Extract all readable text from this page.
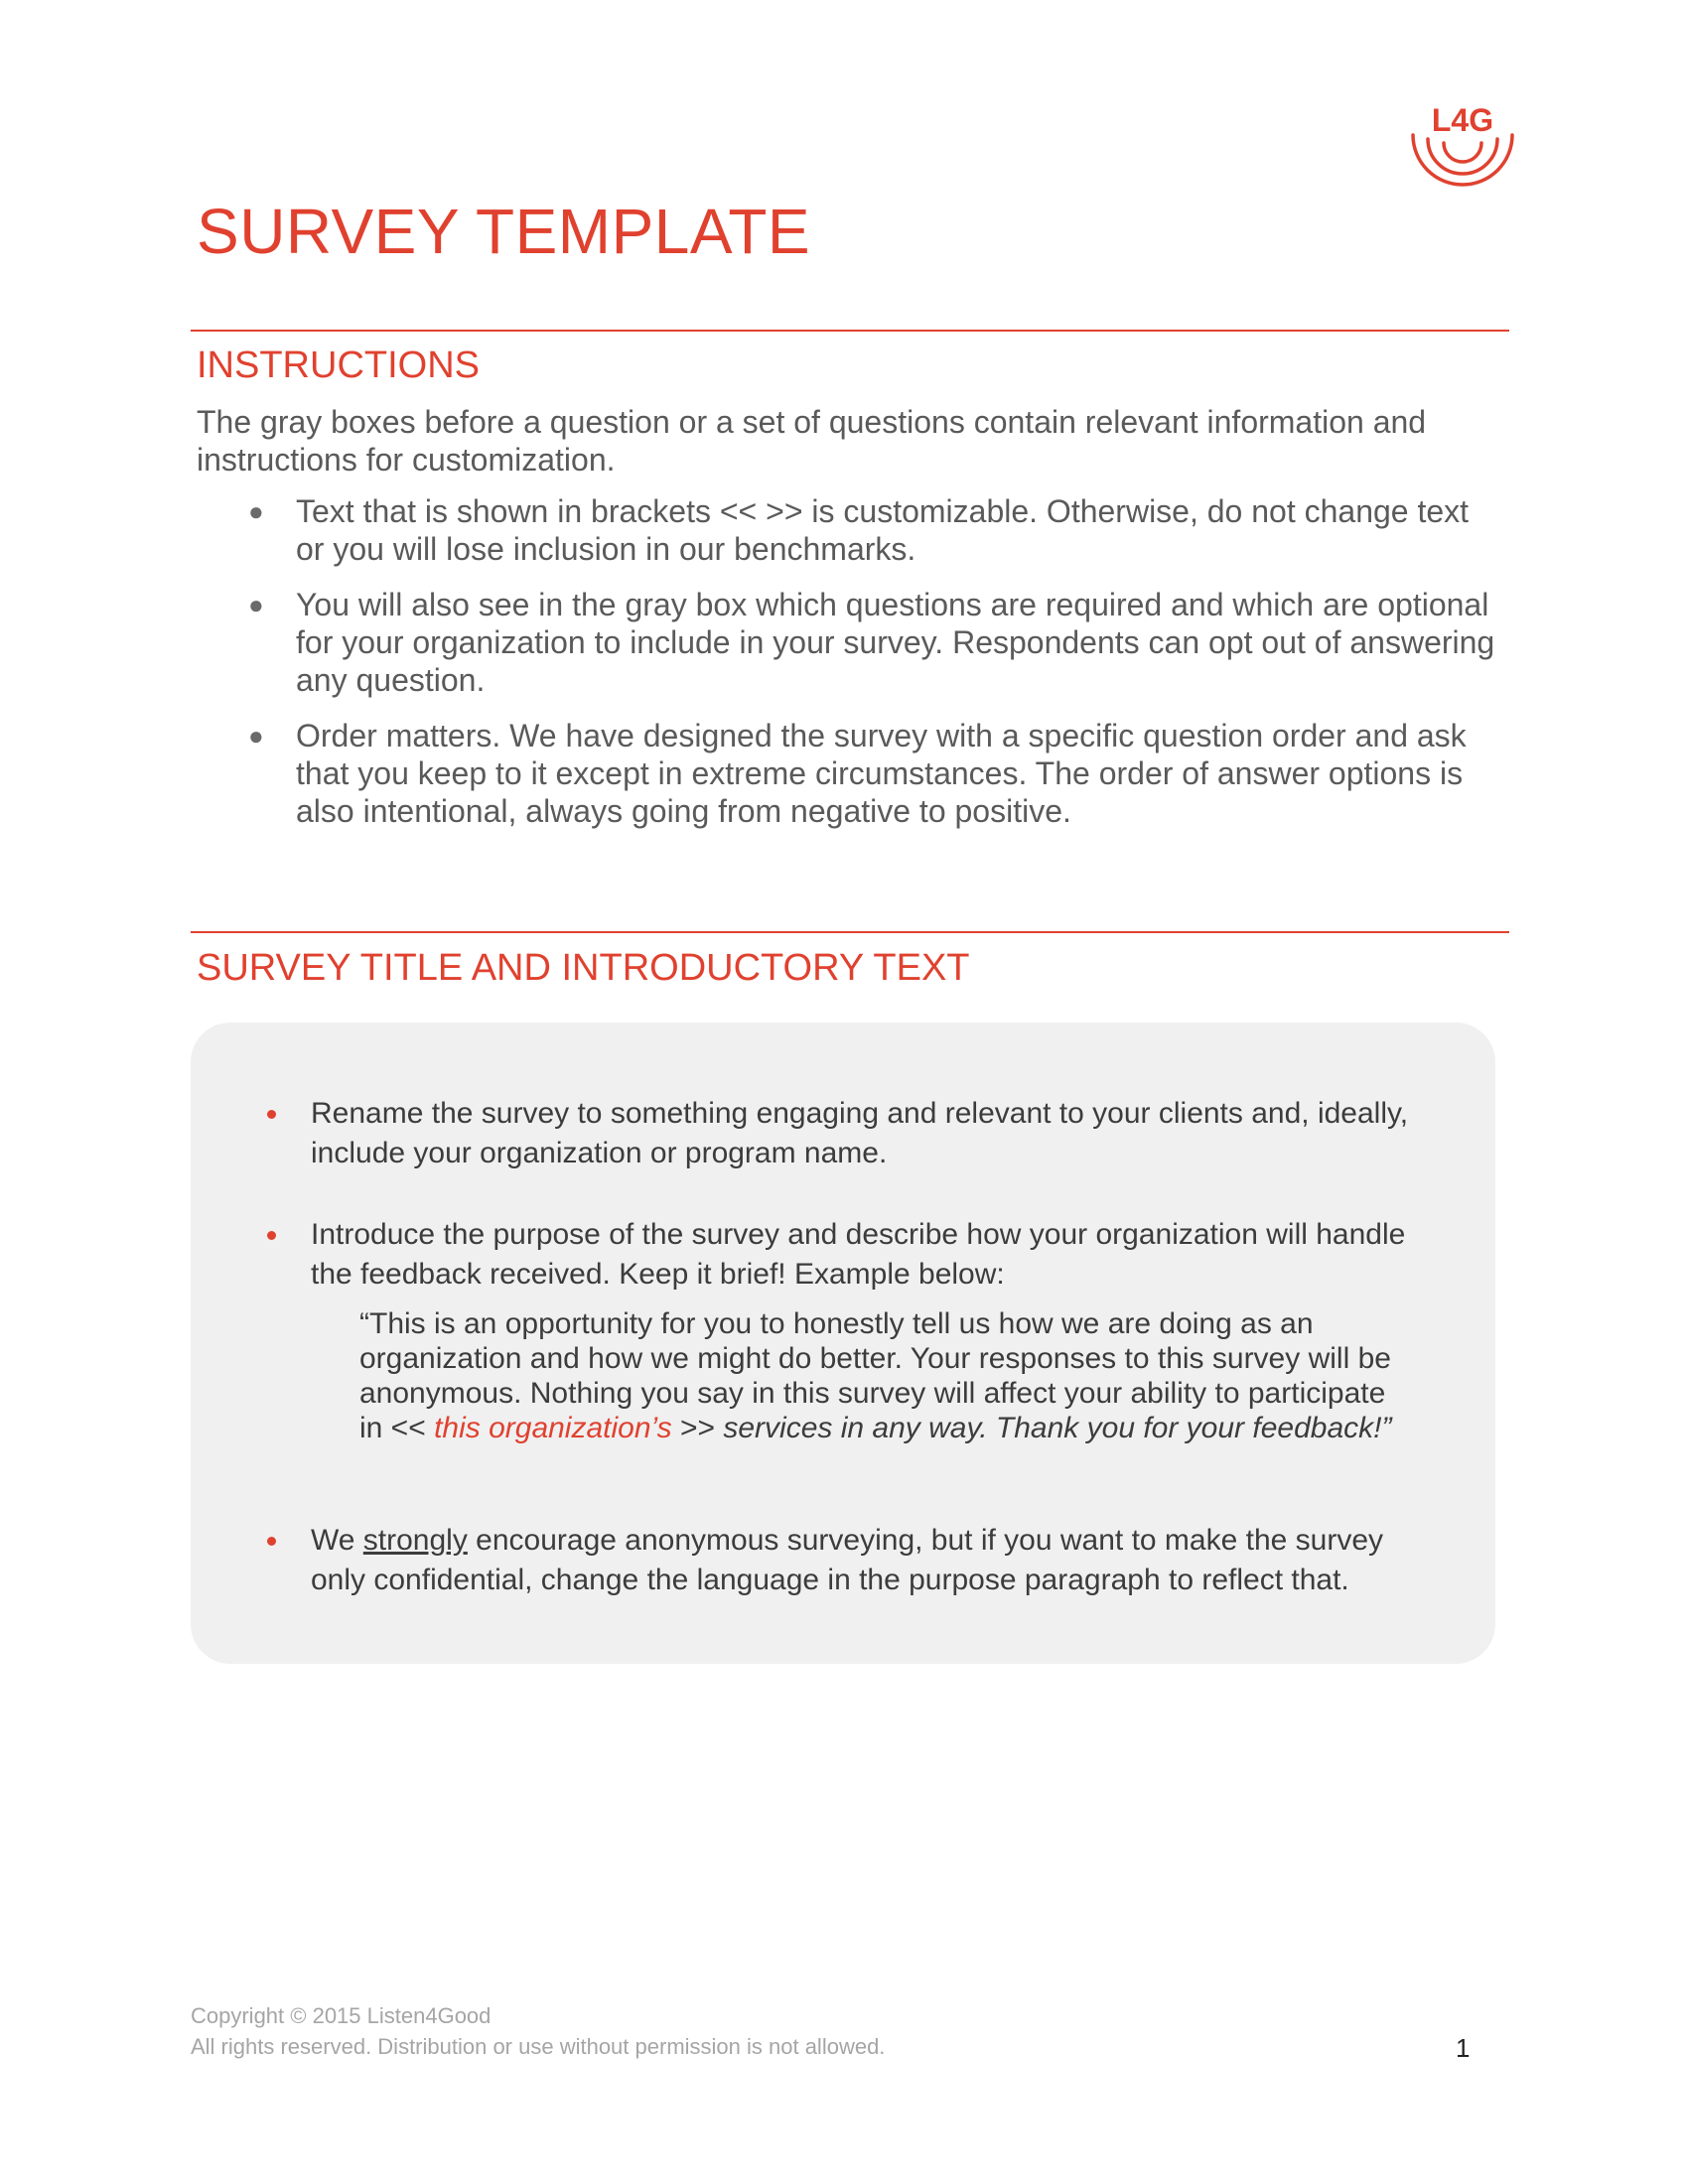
L4G
SURVEY TEMPLATE
INSTRUCTIONS

The gray boxes before a question or a set of questions contain relevant information and instructions for customization.

● Text that is shown in brackets << >> is customizable. Otherwise, do not change text or you will lose inclusion in our benchmarks.
● You will also see in the gray box which questions are required and which are optional for your organization to include in your survey. Respondents can opt out of answering any question.
● Order matters. We have designed the survey with a specific question order and ask that you keep to it except in extreme circumstances. The order of answer options is also intentional, always going from negative to positive.
SURVEY TITLE AND INTRODUCTORY TEXT
Rename the survey to something engaging and relevant to your clients and, ideally, include your organization or program name.
Introduce the purpose of the survey and describe how your organization will handle the feedback received. Keep it brief! Example below:
“This is an opportunity for you to honestly tell us how we are doing as an organization and how we might do better. Your responses to this survey will be anonymous. Nothing you say in this survey will affect your ability to participate in << this organization’s >> services in any way. Thank you for your feedback!”
We strongly encourage anonymous surveying, but if you want to make the survey only confidential, change the language in the purpose paragraph to reflect that.
Copyright © 2015 Listen4Good
All rights reserved. Distribution or use without permission is not allowed.	1
